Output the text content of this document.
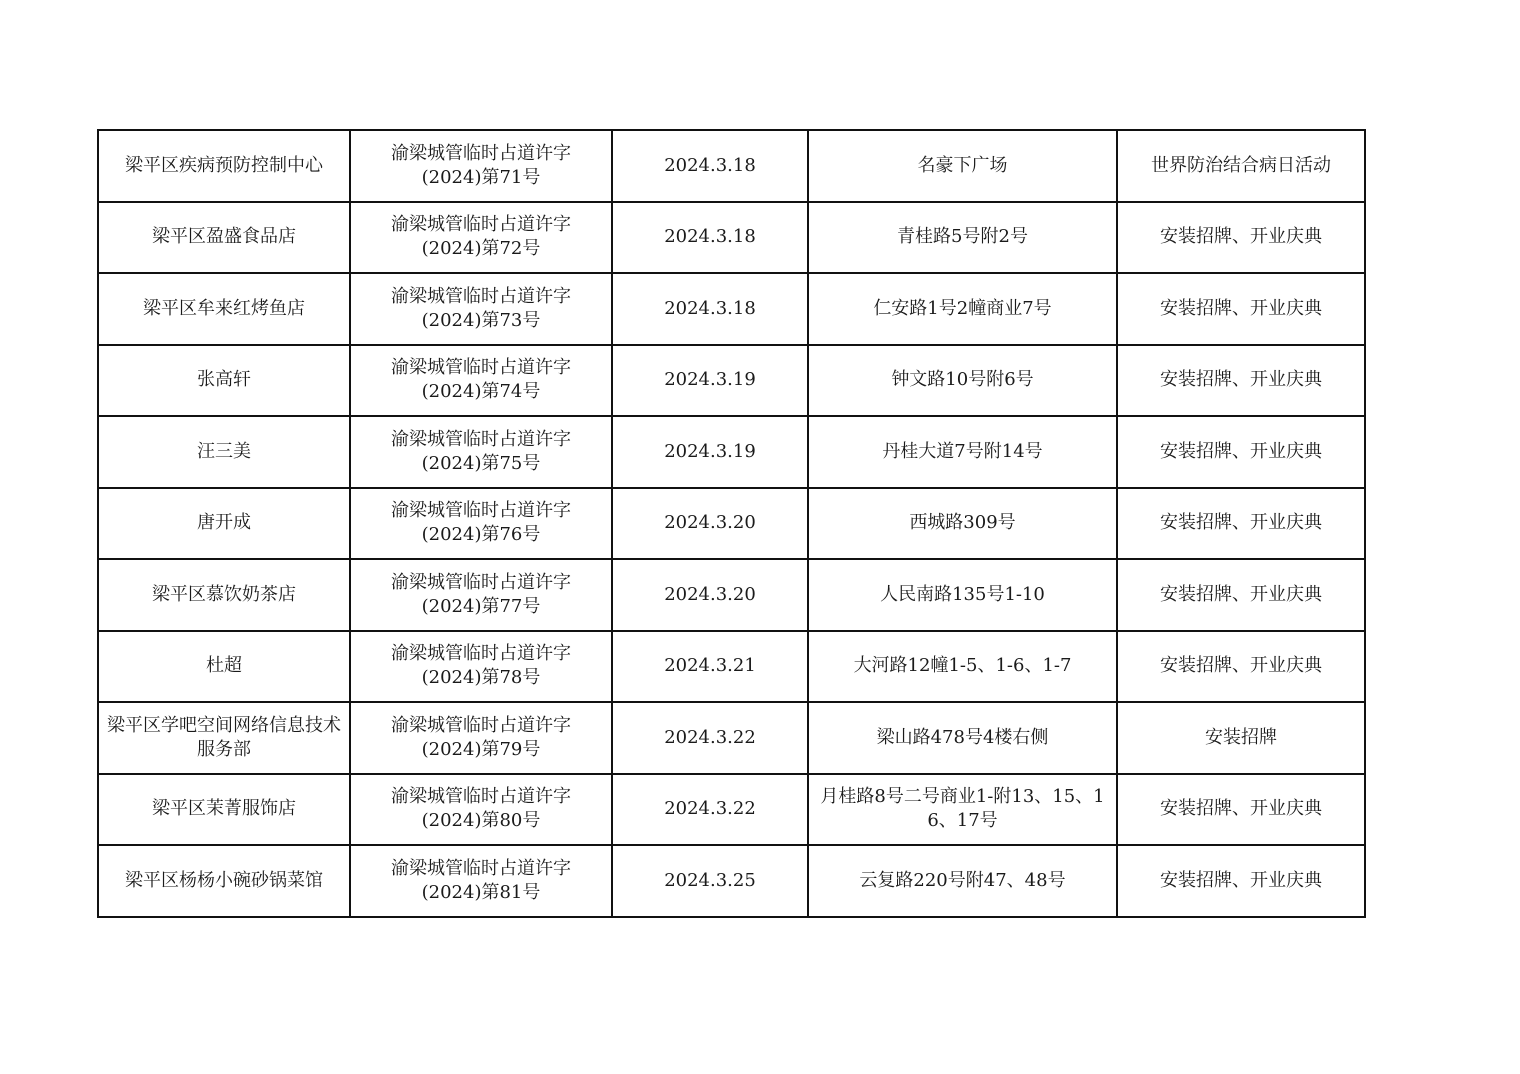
梁平区疾病预防控制中心	渝梁城管临时占道许字
(2024)第71号	2024.3.18	名豪下广场	世界防治结合病日活动
梁平区盈盛食品店	渝梁城管临时占道许字
(2024)第72号	2024.3.18	青桂路5号附2号	安装招牌、开业庆典
梁平区牟来红烤鱼店	渝梁城管临时占道许字
(2024)第73号	2024.3.18	仁安路1号2幢商业7号	安装招牌、开业庆典
张高轩	渝梁城管临时占道许字
(2024)第74号	2024.3.19	钟文路10号附6号	安装招牌、开业庆典
汪三美	渝梁城管临时占道许字
(2024)第75号	2024.3.19	丹桂大道7号附14号	安装招牌、开业庆典
唐开成	渝梁城管临时占道许字
(2024)第76号	2024.3.20	西城路309号	安装招牌、开业庆典
梁平区慕饮奶茶店	渝梁城管临时占道许字
(2024)第77号	2024.3.20	人民南路135号1-10	安装招牌、开业庆典
杜超	渝梁城管临时占道许字
(2024)第78号	2024.3.21	大河路12幢1-5、1-6、1-7	安装招牌、开业庆典
梁平区学吧空间网络信息技术服务部	渝梁城管临时占道许字
(2024)第79号	2024.3.22	梁山路478号4楼右侧	安装招牌
梁平区茉菁服饰店	渝梁城管临时占道许字
(2024)第80号	2024.3.22	月桂路8号二号商业1-附13、15、16、17号	安装招牌、开业庆典
梁平区杨杨小碗砂锅菜馆	渝梁城管临时占道许字
(2024)第81号	2024.3.25	云复路220号附47、48号	安装招牌、开业庆典
